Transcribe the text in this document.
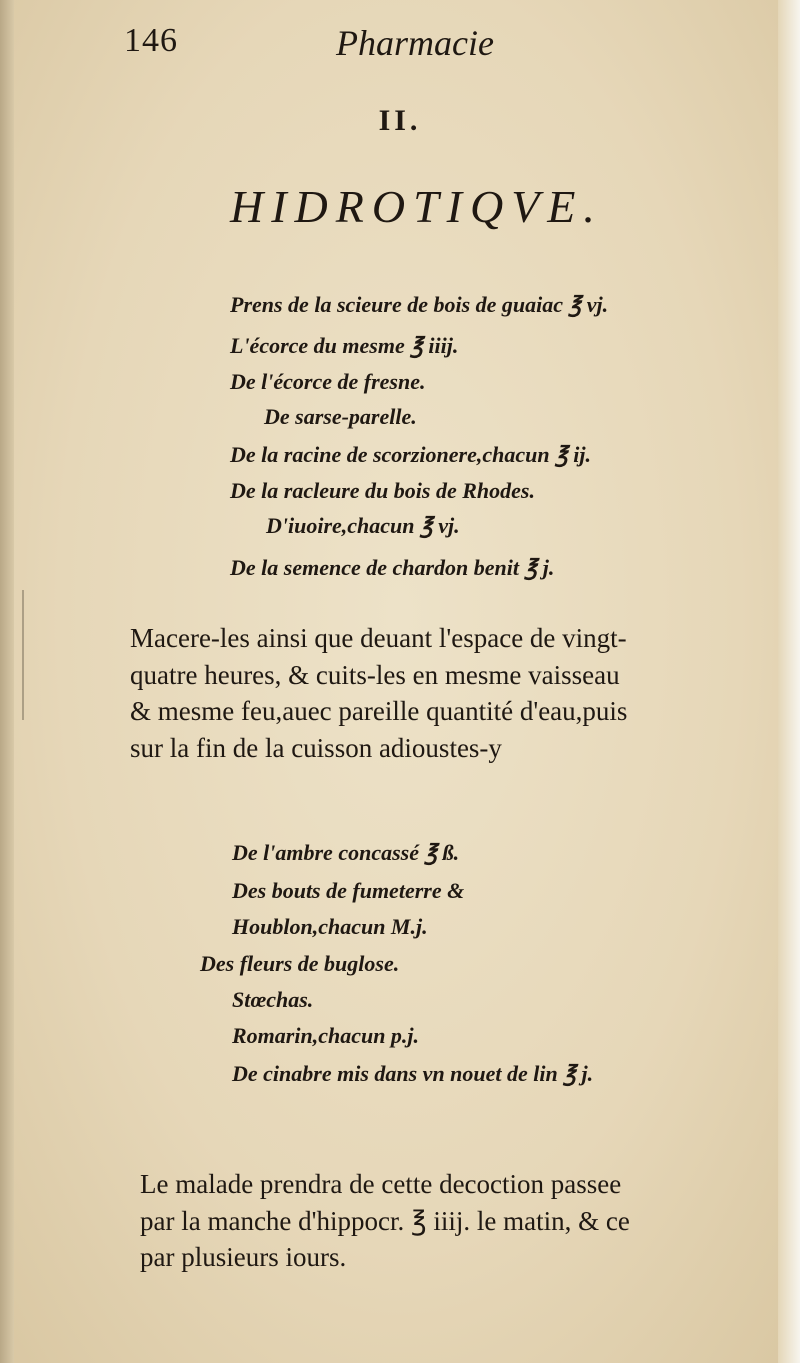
146	Pharmacie
II.
HIDROTIQVE.
Prens de la scieure de bois de guaiac ℥ vj.
L'écorce du mesme ℥ iiij.
De l'écorce de fresne.
De sarse-parelle.
De la racine de scorzionere,chacun ℥ ij.
De la racleure du bois de Rhodes.
D'iuoire,chacun ℥ vj.
De la semence de chardon benit ℥ j.
Macere-les ainsi que deuant l'espace de vingt-
quatre heures, & cuits-les en mesme vaisseau
& mesme feu,auec pareille quantité d'eau,puis
sur la fin de la cuisson adioustes-y
De l'ambre concassé ℥ ß.
Des bouts de fumeterre &
Houblon,chacun M.j.
Des fleurs de buglose.
Stœchas.
Romarin,chacun p.j.
De cinabre mis dans vn nouet de lin ℥ j.
Le malade prendra de cette decoction passee
par la manche d'hippocr. ℥ iiij. le matin, & ce
par plusieurs iours.
